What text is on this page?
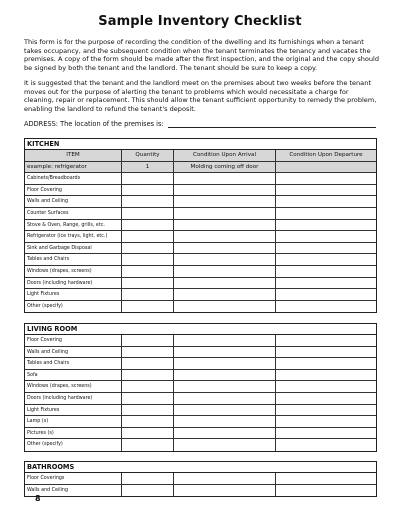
Sample Inventory Checklist

This form is for the purpose of recording the condition of the dwelling and its furnishings when a tenant takes occupancy, and the subsequent condition when the tenant terminates the tenancy and vacates the premises. A copy of the form should be made after the first inspection, and the original and the copy should be signed by both the tenant and the landlord. The tenant should be sure to keep a copy.

It is suggested that the tenant and the landlord meet on the premises about two weeks before the tenant moves out for the purpose of alerting the tenant to problems which would necessitate a charge for cleaning, repair or replacement. This should allow the tenant sufficient opportunity to remedy the problem, enabling the landlord to refund the tenant's deposit.

ADDRESS: The location of the premises is:
KITCHEN
ITEM	Quantity	Condition Upon Arrival	Condition Upon Departure
example: refrigerator	1	Molding coming off door
Cabinets/Breadboards
Floor Covering
Walls and Ceiling
Counter Surfaces
Stove & Oven, Range, grills, etc.
Refrigerator (ice trays, light, etc.)
Sink and Garbage Disposal
Tables and Chairs
Windows (drapes, screens)
Doors (including hardware)
Light Fixtures
Other (specify)
LIVING ROOM
Floor Covering
Walls and Ceiling
Tables and Chairs
Sofa
Windows (drapes, screens)
Doors (including hardware)
Light Fixtures
Lamp (s)
Pictures (s)
Other (specify)
BATHROOMS
Floor Coverings
Walls and Ceiling
8
